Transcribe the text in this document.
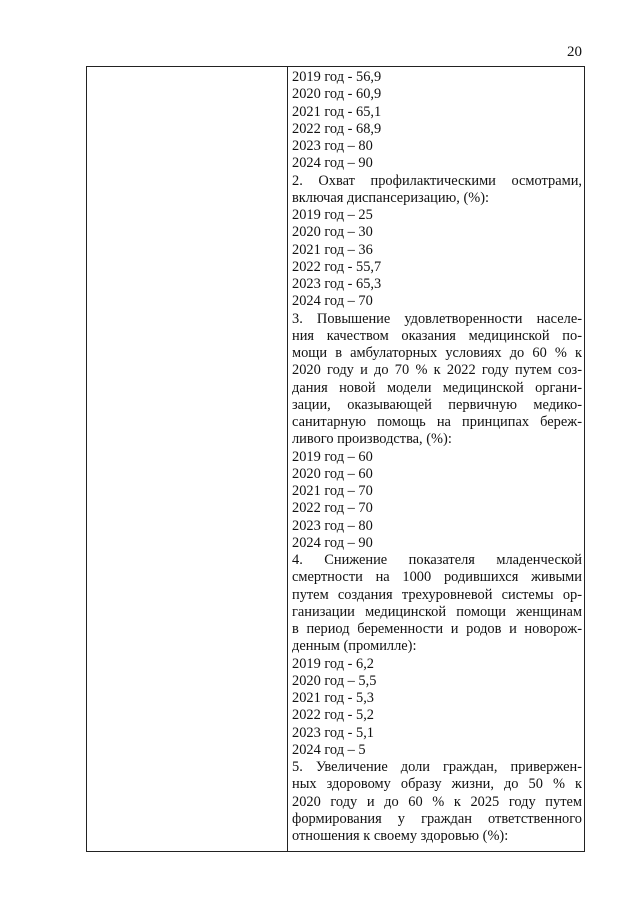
20
2019 год - 56,9
2020 год - 60,9
2021 год - 65,1
2022 год - 68,9
2023 год – 80
2024 год – 90
2. Охват профилактическими осмотрами,
включая диспансеризацию, (%):
2019 год – 25
2020 год – 30
2021 год – 36
2022 год - 55,7
2023 год - 65,3
2024 год – 70
3. Повышение удовлетворенности населе-
ния качеством оказания медицинской по-
мощи в амбулаторных условиях до 60 % к
2020 году и до 70 % к 2022 году путем соз-
дания новой модели медицинской органи-
зации, оказывающей первичную медико-
санитарную помощь на принципах береж-
ливого производства, (%):
2019 год – 60
2020 год – 60
2021 год – 70
2022 год – 70
2023 год – 80
2024 год – 90
4. Снижение показателя младенческой
смертности на 1000 родившихся живыми
путем создания трехуровневой системы ор-
ганизации медицинской помощи женщинам
в период беременности и родов и новорож-
денным (промилле):
2019 год - 6,2
2020 год – 5,5
2021 год - 5,3
2022 год - 5,2
2023 год - 5,1
2024 год – 5
5. Увеличение доли граждан, привержен-
ных здоровому образу жизни, до 50 % к
2020 году и до 60 % к 2025 году путем
формирования у граждан ответственного
отношения к своему здоровью (%):
